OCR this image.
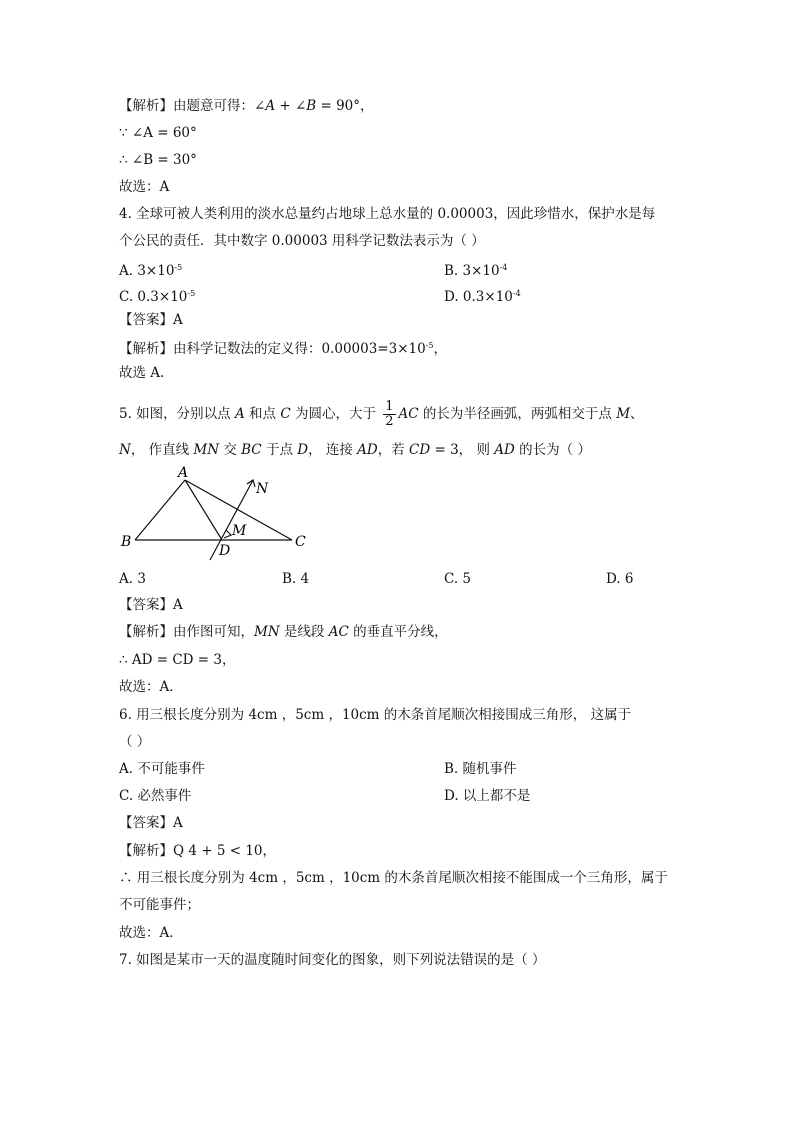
【解析】由题意可得：∠A + ∠B = 90°，
∵ ∠A = 60°
∴ ∠B = 30°
故选：A
4. 全球可被人类利用的淡水总量约占地球上总水量的 0.00003，因此珍惜水，保护水是每
个公民的责任．其中数字 0.00003 用科学记数法表示为（ ）
A. $3\times 10^{-5}$	B. $3\times 10^{-4}$
C. $0.3\times 10^{-5}$	D. $0.3\times 10^{-4}$
【答案】A
【解析】由科学记数法的定义得：$0.00003=3\times 10^{-5}$，
故选 A.
5. 如图，分别以点 A 和点 C 为圆心，大于 $\frac{1}{2}$ AC 的长为半径画弧，两弧相交于点 M、
N， 作直线 MN 交 BC 于点 D， 连接 AD，若 CD = 3， 则 AD 的长为（ ）
A
B	C
D
M
N
A. 3	B. 4	C. 5	D. 6
【答案】A
【解析】由作图可知，MN 是线段 AC 的垂直平分线，
∴ AD = CD = 3，
故选：A．
6. 用三根长度分别为 4cm ，5cm ，10cm 的木条首尾顺次相接围成三角形， 这属于
（ ）
A. 不可能事件	B. 随机事件
C. 必然事件	D. 以上都不是
【答案】A
【解析】Q 4 + 5 < 10，
∴ 用三根长度分别为 4cm ，5cm ，10cm 的木条首尾顺次相接不能围成一个三角形，属于
不可能事件；
故选：A．
7. 如图是某市一天的温度随时间变化的图象，则下列说法错误的是（ ）
